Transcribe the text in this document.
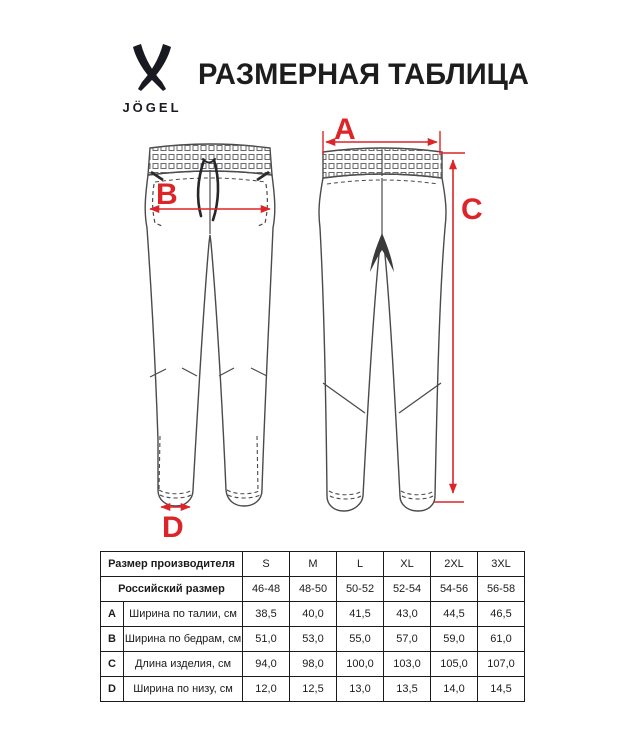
JÖGEL
РАЗМЕРНАЯ ТАБЛИЦА
A
B	C
D
Размер производителя		S	M	L	XL	2XL	3XL
Российский размер		46-48	48-50	50-52	52-54	54-56	56-58
A	Ширина по талии, см	38,5	40,0	41,5	43,0	44,5	46,5
B	Ширина по бедрам, см	51,0	53,0	55,0	57,0	59,0	61,0
C	Длина изделия, см	94,0	98,0	100,0	103,0	105,0	107,0
D	Ширина по низу, см	12,0	12,5	13,0	13,5	14,0	14,5
